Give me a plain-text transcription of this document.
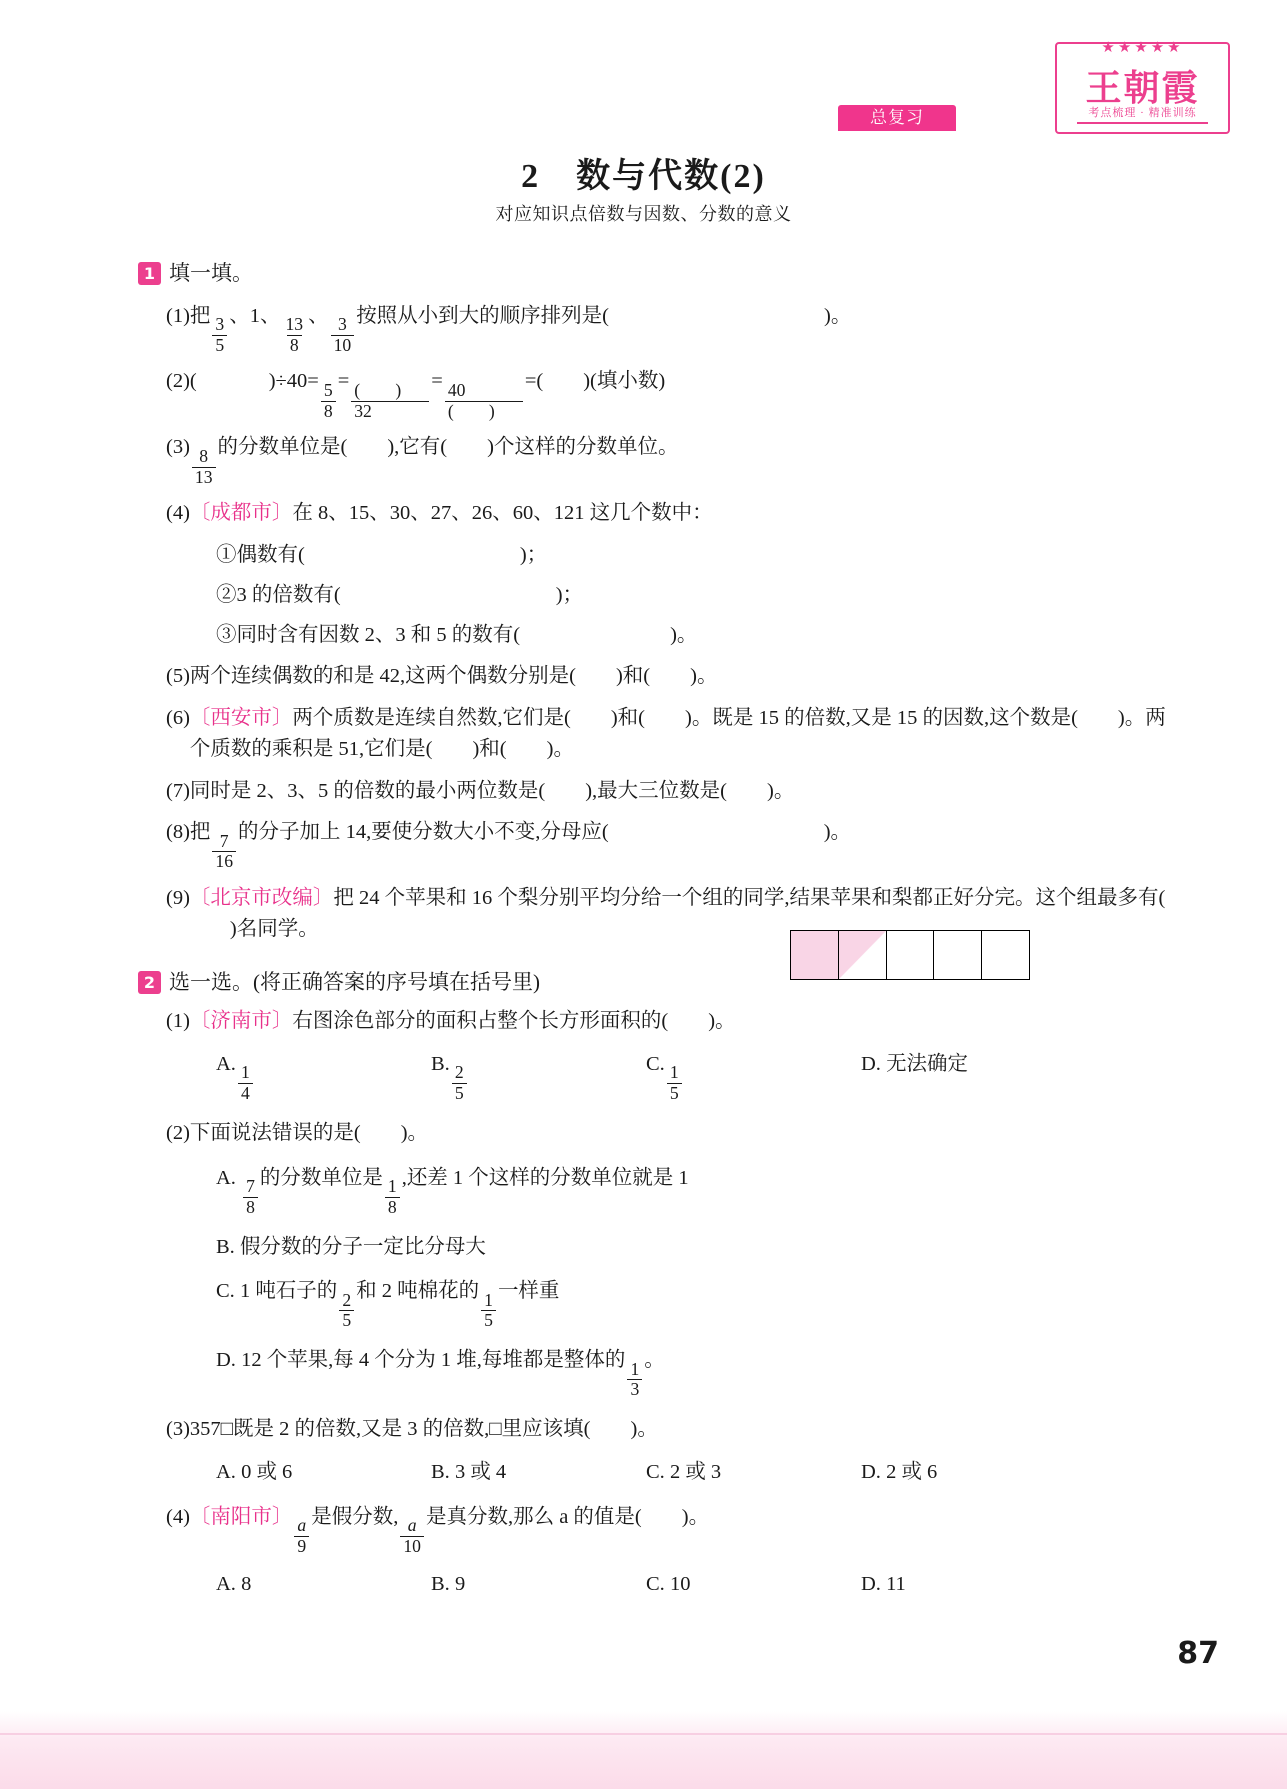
总复习
★★★★★
王朝霞
考点梳理 · 精准训练
2　数与代数(2)
对应知识点倍数与因数、分数的意义
1 填一填。
(1) 把 $\frac{3}{5}$ 、1、 $\frac{13}{8}$ 、 $\frac{3}{10}$ 按照从小到大的顺序排列是(	)。
(2) (	)$\div 40= \frac{5}{8} = \frac{( )}{32} = \frac{40}{( )}$ =( )(填小数)
$(3) \frac{8}{13}$ 的分数单位是( ),它有( )个这样的分数单位。
(4) 〔成都市〕在 8、15、30、27、26、60、121 这几个数中：
①偶数有(	)；
②3 的倍数有(	)；
③同时含有因数 2、3 和 5 的数有(	)。
(5) 两个连续偶数的和是 42,这两个偶数分别是( )和( )。
(6) 〔西安市〕两个质数是连续自然数,它们是( )和( )。既是 15 的倍数,又是 15 的因数,这个数是( )。两个质数的乘积是 51,它们是( )和( )。
(7) 同时是 2、3、5 的倍数的最小两位数是( ),最大三位数是( )。
(8) 把 $\frac{7}{16}$ 的分子加上 14,要使分数大小不变,分母应(	)。
(9) 〔北京市改编〕把 24 个苹果和 16 个梨分别平均分给一个组的同学,结果苹果和梨都正好分完。这个组最多有()名同学。
2 选一选。(将正确答案的序号填在括号里)
(1) 〔济南市〕右图涂色部分的面积占整个长方形面积的( )。
A. $\frac{1}{4}$	B. $\frac{2}{5}$	C. $\frac{1}{5}$	D. 无法确定
(2) 下面说法错误的是( )。
A. $\frac{7}{8}$ 的分数单位是 $\frac{1}{8}$ ,还差 1 个这样的分数单位就是 1
B. 假分数的分子一定比分母大
C. 1 吨石子的 $\frac{2}{5}$ 和 2 吨棉花的 $\frac{1}{5}$ 一样重
D. 12 个苹果,每 4 个分为 1 堆,每堆都是整体的 $\frac{1}{3}$ 。
(3) 357□既是 2 的倍数,又是 3 的倍数,□里应该填( )。
A. 0 或 6	B. 3 或 4	C. 2 或 3	D. 2 或 6
(4) 〔南阳市〕 $\frac{a}{9}$ 是假分数, $\frac{a}{10}$ 是真分数,那么 a 的值是( )。
A. 8	B. 9	C. 10	D. 11
87
